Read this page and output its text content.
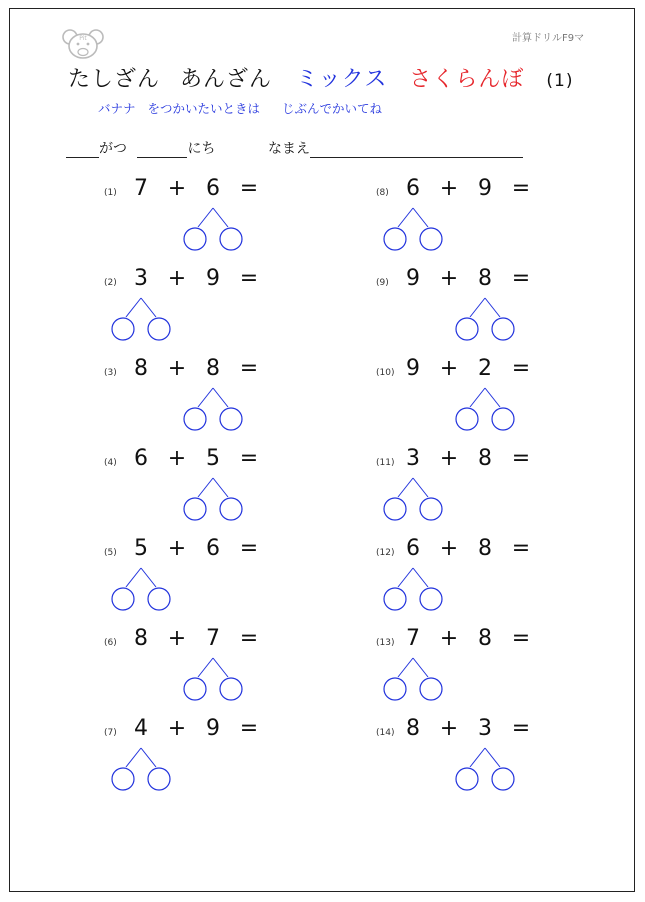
Pit	計算ドリルF9マ
たしざん あんざん ミックス さくらんぼ (1)
バナナ をつかいたいときは じぶんでかいてね
がつ	にち	なまえ
(1) 7 + 6 =
(2) 3 + 9 =
(3) 8 + 8 =
(4) 6 + 5 =
(5) 5 + 6 =
(6) 8 + 7 =
(7) 4 + 9 =
(8) 6 + 9 =
(9) 9 + 8 =
(10) 9 + 2 =
(11) 3 + 8 =
(12) 6 + 8 =
(13) 7 + 8 =
(14) 8 + 3 =
